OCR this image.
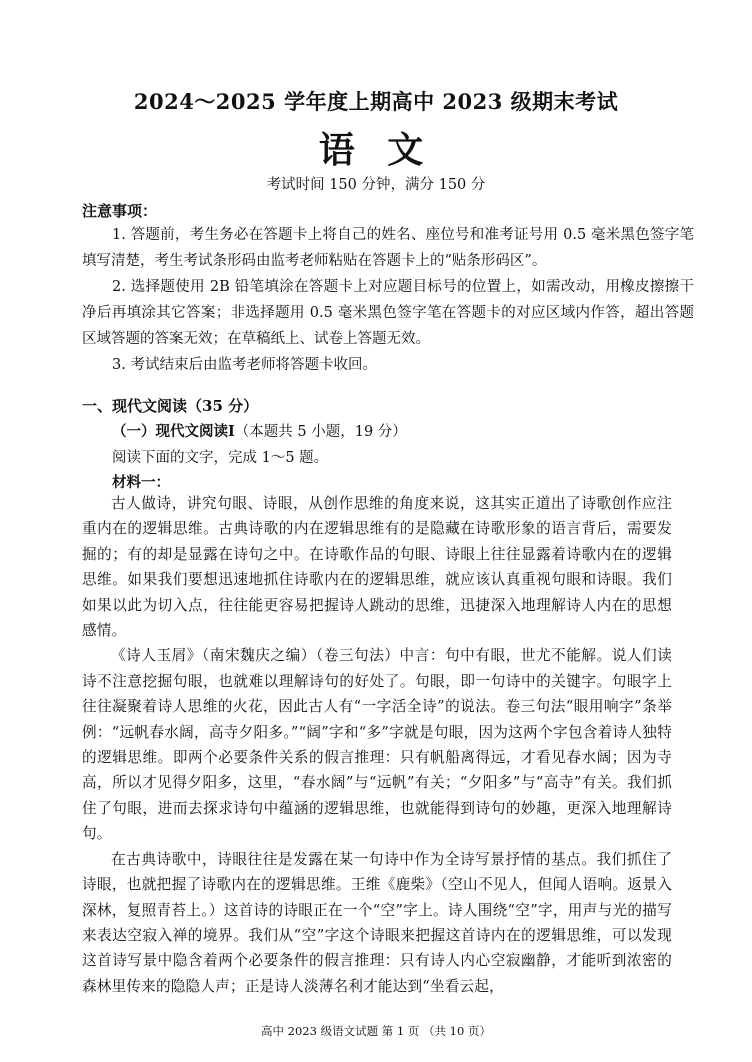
2024～2025 学年度上期高中 2023 级期末考试
语 文
考试时间 150 分钟，满分 150 分
注意事项：

1. 答题前，考生务必在答题卡上将自己的姓名、座位号和准考证号用 0.5 毫米黑色签字笔填写清楚，考生考试条形码由监考老师粘贴在答题卡上的“贴条形码区”。

2. 选择题使用 2B 铅笔填涂在答题卡上对应题目标号的位置上，如需改动，用橡皮擦擦干净后再填涂其它答案；非选择题用 0.5 毫米黑色签字笔在答题卡的对应区域内作答，超出答题区域答题的答案无效；在草稿纸上、试卷上答题无效。

3. 考试结束后由监考老师将答题卡收回。

一、现代文阅读（35 分）
（一）现代文阅读Ⅰ（本题共 5 小题，19 分）
阅读下面的文字，完成 1～5 题。
材料一：

古人做诗，讲究句眼、诗眼，从创作思维的角度来说，这其实正道出了诗歌创作应注重内在的逻辑思维。古典诗歌的内在逻辑思维有的是隐藏在诗歌形象的语言背后，需要发掘的；有的却是显露在诗句之中。在诗歌作品的句眼、诗眼上往往显露着诗歌内在的逻辑思维。如果我们要想迅速地抓住诗歌内在的逻辑思维，就应该认真重视句眼和诗眼。我们如果以此为切入点，往往能更容易把握诗人跳动的思维，迅捷深入地理解诗人内在的思想感情。

《诗人玉屑》（南宋魏庆之编）（卷三句法）中言：句中有眼，世尤不能解。说人们读诗不注意挖掘句眼，也就难以理解诗句的好处了。句眼，即一句诗中的关键字。句眼字上往往凝聚着诗人思维的火花，因此古人有“一字活全诗”的说法。卷三句法“眼用响字”条举例：“远帆春水阔，高寺夕阳多。”“阔”字和“多”字就是句眼，因为这两个字包含着诗人独特的逻辑思维。即两个必要条件关系的假言推理：只有帆船离得远，才看见春水阔；因为寺高，所以才见得夕阳多，这里，“春水阔”与“远帆”有关；“夕阳多”与“高寺”有关。我们抓住了句眼，进而去探求诗句中蕴涵的逻辑思维，也就能得到诗句的妙趣，更深入地理解诗句。

在古典诗歌中，诗眼往往是发露在某一句诗中作为全诗写景抒情的基点。我们抓住了诗眼，也就把握了诗歌内在的逻辑思维。王维《鹿柴》（空山不见人，但闻人语响。返景入深林，复照青苔上。）这首诗的诗眼正在一个“空”字上。诗人围绕“空”字，用声与光的描写来表达空寂入禅的境界。我们从“空”字这个诗眼来把握这首诗内在的逻辑思维，可以发现这首诗写景中隐含着两个必要条件的假言推理：只有诗人内心空寂幽静，才能听到浓密的森林里传来的隐隐人声；正是诗人淡薄名利才能达到“坐看云起，

高中 2023 级语文试题 第 1 页 （共 10 页）
